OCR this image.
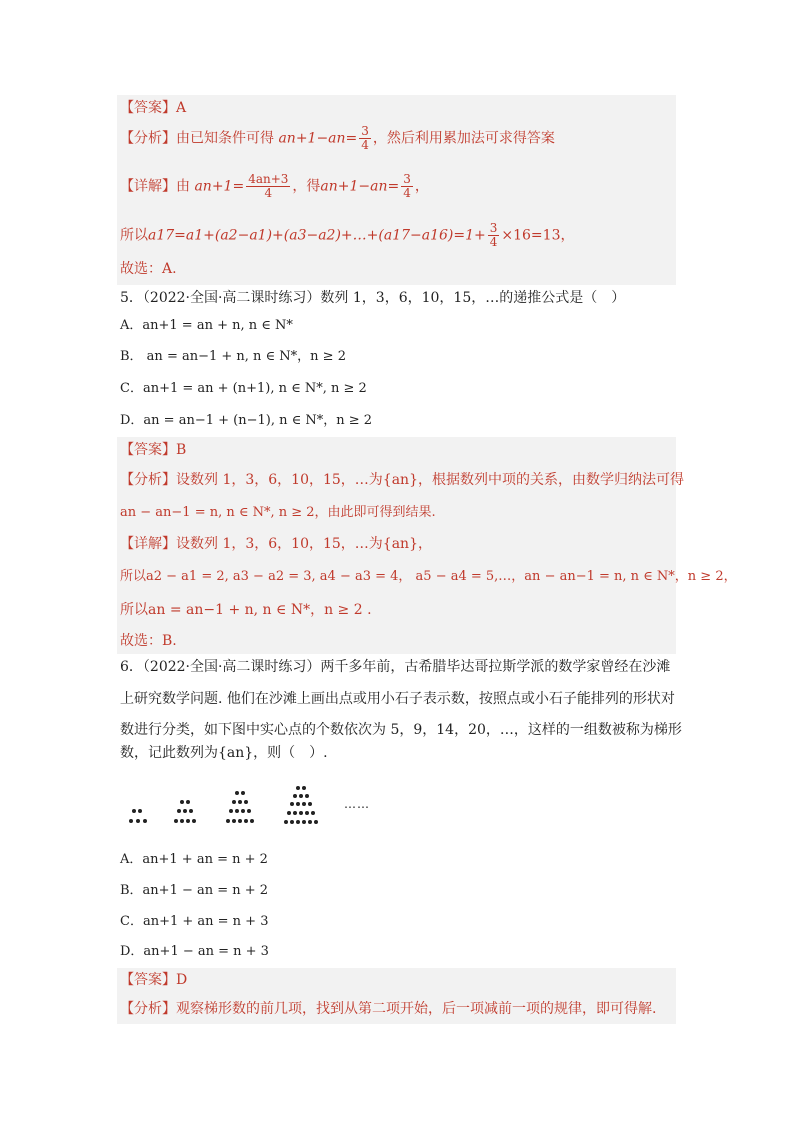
【答案】A
【分析】由已知条件可得 $an+1-an= \frac{3}{4}$ ，然后利用累加法可求得答案
【详解】由 $an+1= \frac{4an+3}{4}$ ，得$an+1-an= \frac{3}{4}$ ，
所以a17=a1+(a2−a1)+(a3−a2)+…+(a17−a16)=1+ $\frac{3}{4} \times 16=13$，
故选：A.
5．（2022·全国·高二课时练习）数列 1，3，6，10，15，…的递推公式是（　）
A．an+1 = an + n, n ∈ N*
B． an = an−1 + n, n ∈ N*，n ≥ 2
C．an+1 = an + (n+1), n ∈ N*, n ≥ 2
D．an = an−1 + (n−1), n ∈ N*，n ≥ 2
【答案】B
【分析】设数列 1，3，6，10，15，…为{an}，根据数列中项的关系，由数学归纳法可得
an − an−1 = n, n ∈ N*, n ≥ 2，由此即可得到结果.
【详解】设数列 1，3，6，10，15，…为{an}，
所以a2 − a1 = 2, a3 − a2 = 3, a4 − a3 = 4， a5 − a4 = 5,…，an − an−1 = n, n ∈ N*，n ≥ 2，
所以an = an−1 + n, n ∈ N*，n ≥ 2 .
故选：B.
6．（2022·全国·高二课时练习）两千多年前，古希腊毕达哥拉斯学派的数学家曾经在沙滩
上研究数学问题. 他们在沙滩上画出点或用小石子表示数，按照点或小石子能排列的形状对
数进行分类，如下图中实心点的个数依次为 5，9，14，20，…，这样的一组数被称为梯形
数，记此数列为{an}，则（　）.
……
A．an+1 + an = n + 2
B．an+1 − an = n + 2
C．an+1 + an = n + 3
D．an+1 − an = n + 3
【答案】D
【分析】观察梯形数的前几项，找到从第二项开始，后一项减前一项的规律，即可得解.
